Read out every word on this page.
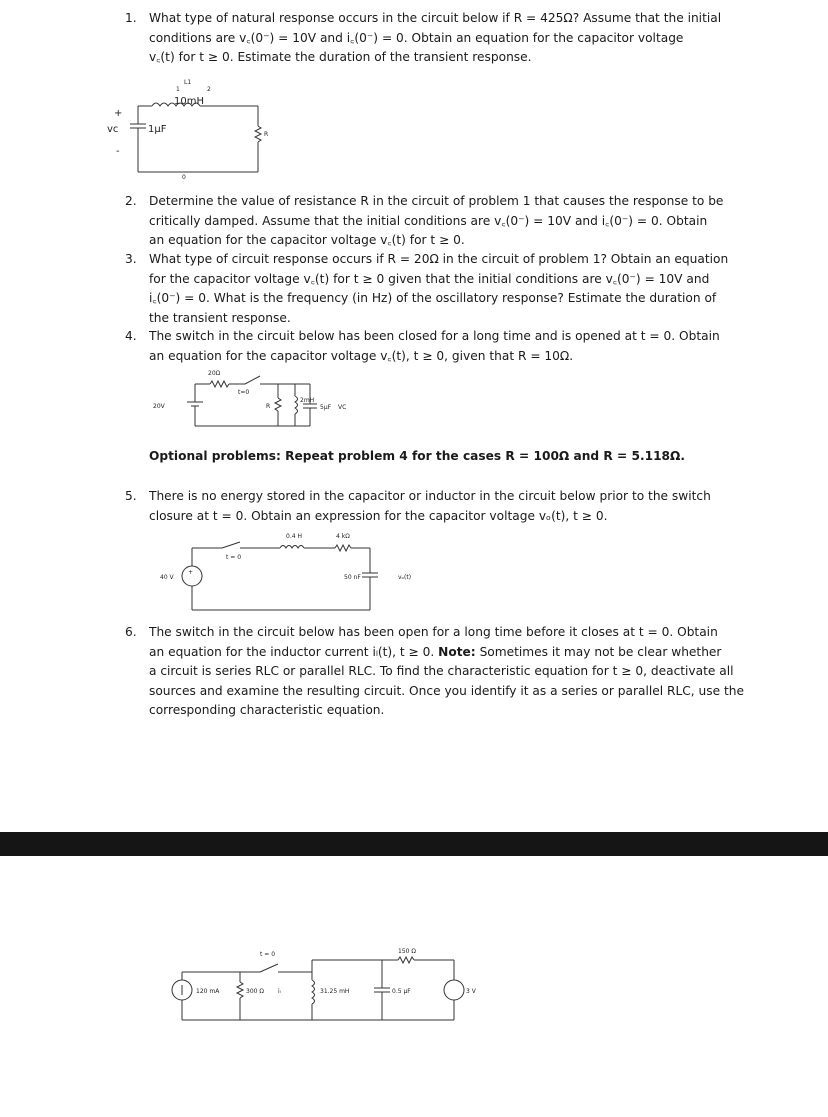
1.	What type of natural response occurs in the circuit below if R = 425Ω? Assume that the initial
conditions are v꜀(0⁻) = 10V and i꜀(0⁻) = 0. Obtain an equation for the capacitor voltage
v꜀(t) for t ≥ 0. Estimate the duration of the transient response.
L1
1	2
10mH
+
vc	1μF
-
R
0
2.	Determine the value of resistance R in the circuit of problem 1 that causes the response to be
critically damped. Assume that the initial conditions are v꜀(0⁻) = 10V and i꜀(0⁻) = 0. Obtain
an equation for the capacitor voltage v꜀(t) for t ≥ 0.
3.	What type of circuit response occurs if R = 20Ω in the circuit of problem 1? Obtain an equation
for the capacitor voltage v꜀(t) for t ≥ 0 given that the initial conditions are v꜀(0⁻) = 10V and
i꜀(0⁻) = 0. What is the frequency (in Hz) of the oscillatory response? Estimate the duration of
the transient response.
4.	The switch in the circuit below has been closed for a long time and is opened at t = 0. Obtain
an equation for the capacitor voltage v꜀(t), t ≥ 0, given that R = 10Ω.
20Ω
t=0
20V	R
2mH
5μF VC
Optional problems: Repeat problem 4 for the cases R = 100Ω and R = 5.118Ω.
5.	There is no energy stored in the capacitor or inductor in the circuit below prior to the switch
closure at t = 0. Obtain an expression for the capacitor voltage vₒ(t), t ≥ 0.
+
0.4 H	4 kΩ
t = 0
40 V	50 nF	vₒ(t)
6.	The switch in the circuit below has been open for a long time before it closes at t = 0. Obtain
an equation for the inductor current iₗ(t), t ≥ 0. Note: Sometimes it may not be clear whether
a circuit is series RLC or parallel RLC. To find the characteristic equation for t ≥ 0, deactivate all
sources and examine the resulting circuit. Once you identify it as a series or parallel RLC, use the
corresponding characteristic equation.
150 Ω
t = 0
120 mA	300 Ω iₗ	31.25 mH	0.5 μF	3 V
